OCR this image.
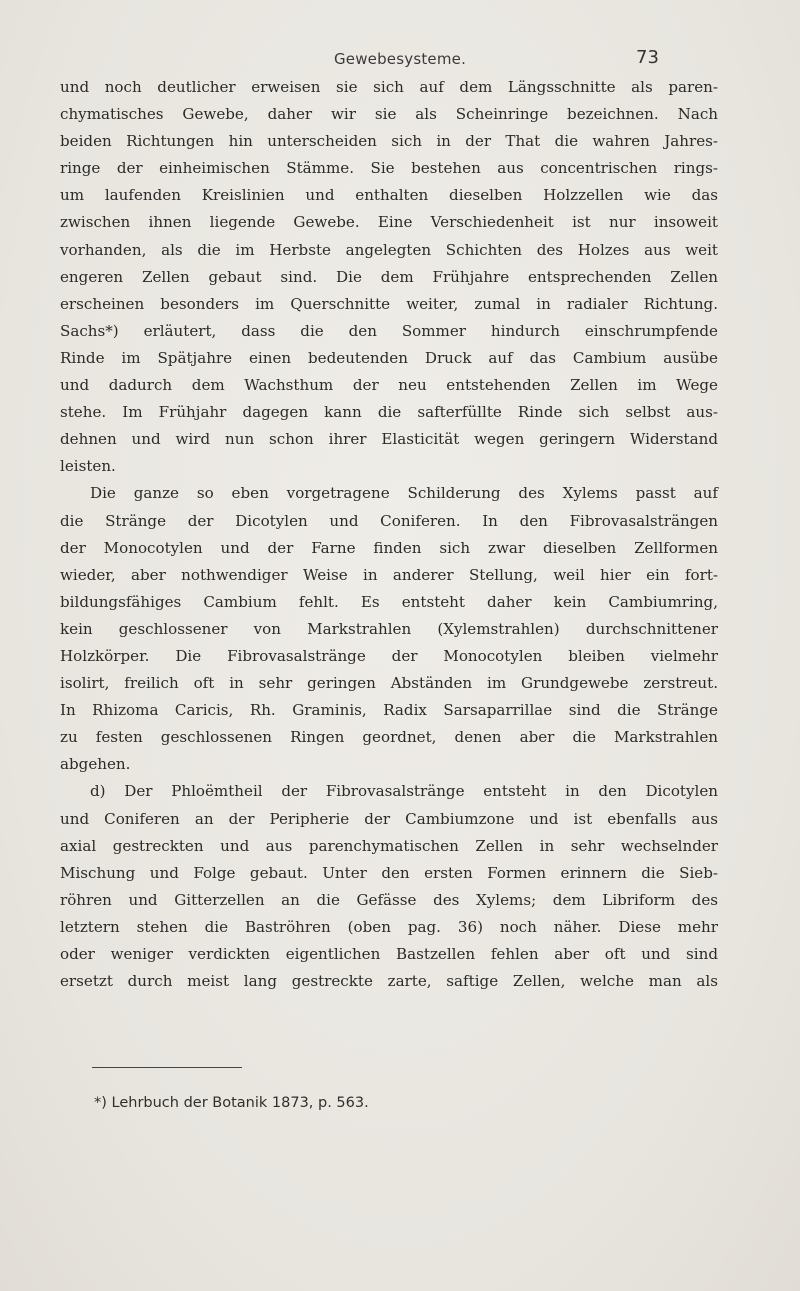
Gewebesysteme.	73
und noch deutlicher erweisen sie sich auf dem Längsschnitte als paren-
chymatisches Gewebe, daher wir sie als Scheinringe bezeichnen. Nach
beiden Richtungen hin unterscheiden sich in der That die wahren Jahres-
ringe der einheimischen Stämme. Sie bestehen aus concentrischen rings-
um laufenden Kreislinien und enthalten dieselben Holzzellen wie das
zwischen ihnen liegende Gewebe. Eine Verschiedenheit ist nur insoweit
vorhanden, als die im Herbste angelegten Schichten des Holzes aus weit
engeren Zellen gebaut sind. Die dem Frühjahre entsprechenden Zellen
erscheinen besonders im Querschnitte weiter, zumal in radialer Richtung.
Sachs*) erläutert, dass die den Sommer hindurch einschrumpfende
Rinde im Spätjahre einen bedeutenden Druck auf das Cambium ausübe
und dadurch dem Wachsthum der neu entstehenden Zellen im Wege
stehe. Im Frühjahr dagegen kann die safterfüllte Rinde sich selbst aus-
dehnen und wird nun schon ihrer Elasticität wegen geringern Widerstand
leisten.
Die ganze so eben vorgetragene Schilderung des Xylems passt auf
die Stränge der Dicotylen und Coniferen. In den Fibrovasalsträngen
der Monocotylen und der Farne finden sich zwar dieselben Zellformen
wieder, aber nothwendiger Weise in anderer Stellung, weil hier ein fort-
bildungsfähiges Cambium fehlt. Es entsteht daher kein Cambiumring,
kein geschlossener von Markstrahlen (Xylemstrahlen) durchschnittener
Holzkörper. Die Fibrovasalstränge der Monocotylen bleiben vielmehr
isolirt, freilich oft in sehr geringen Abständen im Grundgewebe zerstreut.
In Rhizoma Caricis, Rh. Graminis, Radix Sarsaparrillae sind die Stränge
zu festen geschlossenen Ringen geordnet, denen aber die Markstrahlen
abgehen.
d) Der Phloëmtheil der Fibrovasalstränge entsteht in den Dicotylen
und Coniferen an der Peripherie der Cambiumzone und ist ebenfalls aus
axial gestreckten und aus parenchymatischen Zellen in sehr wechselnder
Mischung und Folge gebaut. Unter den ersten Formen erinnern die Sieb-
röhren und Gitterzellen an die Gefässe des Xylems; dem Libriform des
letztern stehen die Baströhren (oben pag. 36) noch näher. Diese mehr
oder weniger verdickten eigentlichen Bastzellen fehlen aber oft und sind
ersetzt durch meist lang gestreckte zarte, saftige Zellen, welche man als
*) Lehrbuch der Botanik 1873, p. 563.
